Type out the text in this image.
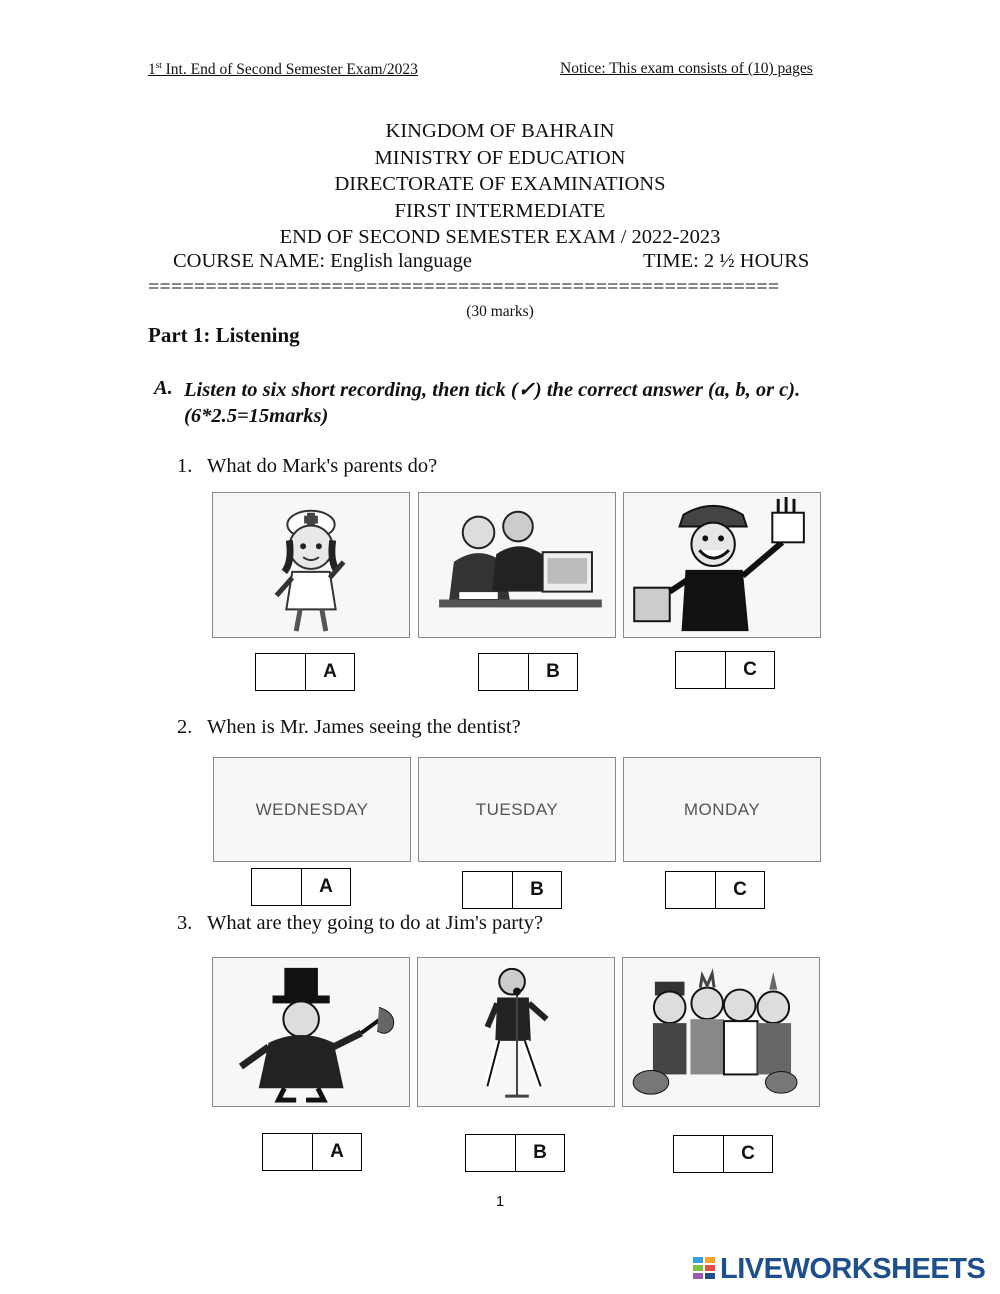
1st Int. End of Second Semester Exam/2023	Notice: This exam consists of (10) pages
KINGDOM OF BAHRAIN
MINISTRY OF EDUCATION
DIRECTORATE OF EXAMINATIONS
FIRST INTERMEDIATE
END OF SECOND SEMESTER EXAM / 2022-2023
COURSE NAME: English language	TIME: 2 ½ HOURS
=======================================================
(30 marks)
Part 1: Listening
A. Listen to six short recording, then tick (✓) the correct answer (a, b, or c). (6*2.5=15marks)
1. What do Mark's parents do?
A	B	C
2. When is Mr. James seeing the dentist?
WEDNESDAY	TUESDAY	MONDAY
A	B	C
3. What are they going to do at Jim's party?
A	B	C
1
LIVEWORKSHEETS
